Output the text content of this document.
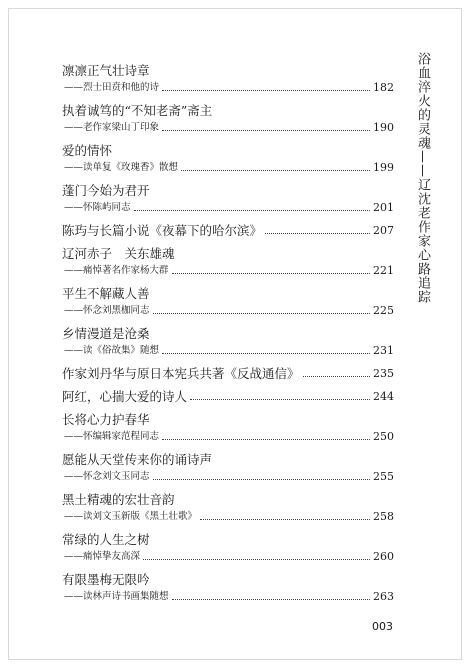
凛凛正气壮诗章
——烈士田贲和他的诗	182
执着诚笃的“不知老斋”斋主
——老作家梁山丁印象	190
爱的情怀
——读单复《玫瑰香》散想	199
蓬门今始为君开
——怀陈屿同志	201
陈玙与长篇小说《夜幕下的哈尔滨》	207
辽河赤子　关东雄魂
——痛悼著名作家杨大群	221
平生不解藏人善
——怀念刘黑枷同志	225
乡情漫道是沧桑
——读《俗故集》随想	231
作家刘丹华与原日本宪兵共著《反战通信》	235
阿红，心揣大爱的诗人	244
长将心力护春华
——怀编辑家范程同志	250
愿能从天堂传来你的诵诗声
——怀念刘文玉同志	255
黑土精魂的宏壮音韵
——读刘文玉新版《黑土壮歌》	258
常绿的人生之树
——痛悼挚友高深	260
有限墨梅无限吟
——读林声诗书画集随想	263
浴血淬火的灵魂——辽沈老作家心路追踪
003
